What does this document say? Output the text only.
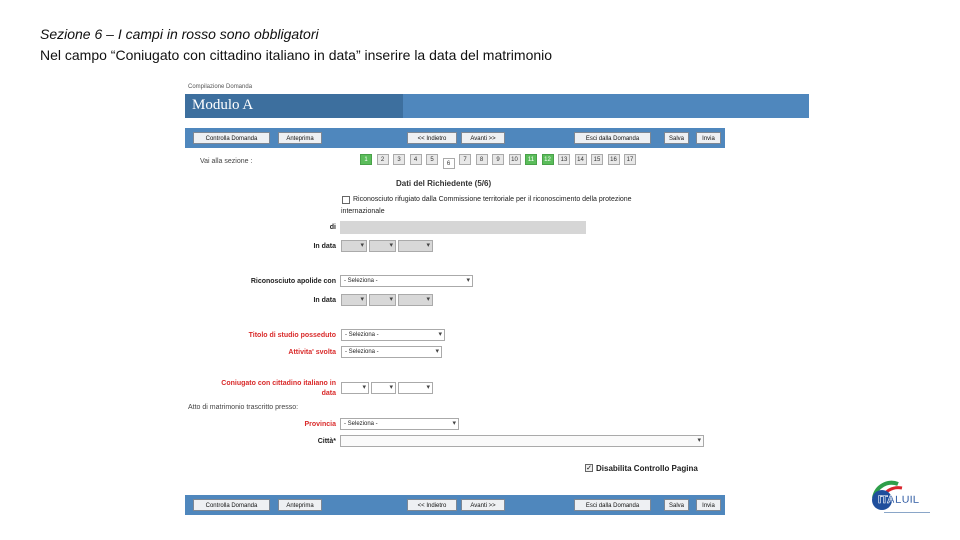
Sezione 6 – I campi in rosso sono obbligatori
Nel campo “Coniugato con cittadino italiano in data” inserire la data del matrimonio
Compilazione Domanda
Modulo A
Controlla Domanda	Anteprima	<< Indietro	Avanti >>	Esci dalla Domanda	Salva	Invia
Vai alla sezione :
Dati del Richiedente (5/6)
Riconosciuto rifugiato dalla Commissione territoriale per il riconoscimento della protezione
internazionale
di
In data	▾	▾	▾
Riconosciuto apolide con	- Seleziona -	▾
In data	▾	▾	▾
Titolo di studio posseduto	- Seleziona -	▾
Attivita' svolta	- Seleziona -	▾
Coniugato con cittadino italiano in
data
▾	▾	▾
Atto di matrimonio trascritto presso:
Provincia	- Seleziona -	▾
Città*	▾
✓ Disabilita Controllo Pagina
Controlla Domanda	Anteprima	<< Indietro	Avanti >>	Esci dalla Domanda	Salva	Invia
1	2	3	4	5
6
7	8	9	10	11	12	13	14	15	16	17
ITALUIL
